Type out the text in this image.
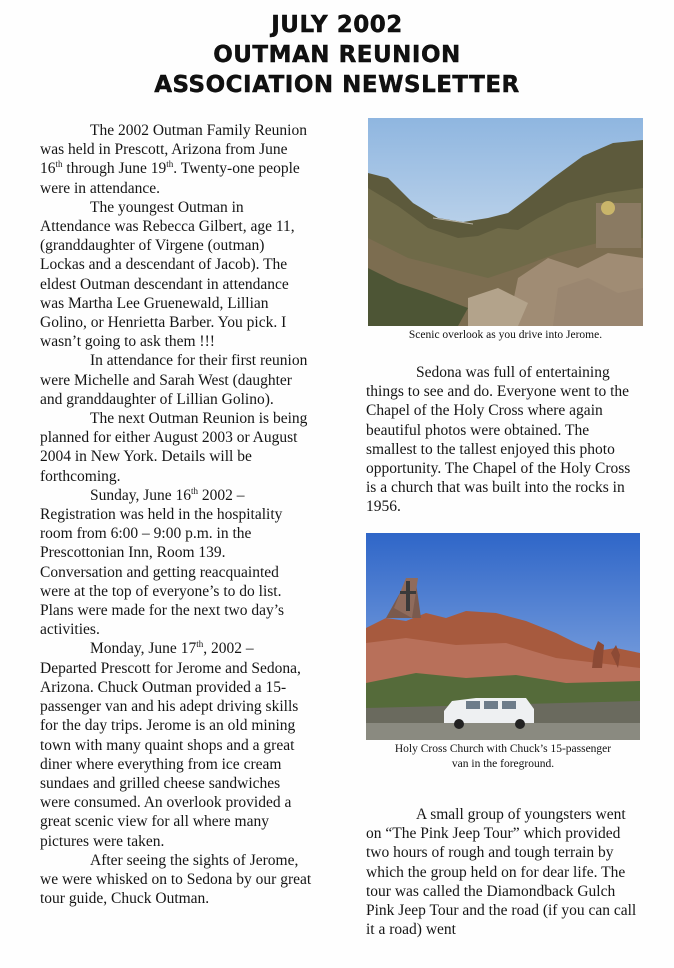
JULY 2002
OUTMAN REUNION
ASSOCIATION NEWSLETTER

The 2002 Outman Family Reunion was held in Prescott, Arizona from June 16th through June 19th. Twenty-one people were in attendance.

The youngest Outman in Attendance was Rebecca Gilbert, age 11, (granddaughter of Virgene (outman) Lockas and a descendant of Jacob). The eldest Outman descendant in attendance was Martha Lee Gruenewald, Lillian Golino, or Henrietta Barber. You pick. I wasn’t going to ask them !!!

In attendance for their first reunion were Michelle and Sarah West (daughter and granddaughter of Lillian Golino).

The next Outman Reunion is being planned for either August 2003 or August 2004 in New York. Details will be forthcoming.

Sunday, June 16th 2002 – Registration was held in the hospitality room from 6:00 – 9:00 p.m. in the Prescottonian Inn, Room 139. Conversation and getting reacquainted were at the top of everyone’s to do list. Plans were made for the next two day’s activities.

Monday, June 17th, 2002 – Departed Prescott for Jerome and Sedona, Arizona. Chuck Outman provided a 15-passenger van and his adept driving skills for the day trips. Jerome is an old mining town with many quaint shops and a great diner where everything from ice cream sundaes and grilled cheese sandwiches were consumed. An overlook provided a great scenic view for all where many pictures were taken.

After seeing the sights of Jerome, we were whisked on to Sedona by our great tour guide, Chuck Outman.

Scenic overlook as you drive into Jerome.

Sedona was full of entertaining things to see and do. Everyone went to the Chapel of the Holy Cross where again beautiful photos were obtained. The smallest to the tallest enjoyed this photo opportunity. The Chapel of the Holy Cross is a church that was built into the rocks in 1956.

Holy Cross Church with Chuck’s 15-passenger
van in the foreground.

A small group of youngsters went on “The Pink Jeep Tour” which provided two hours of rough and tough terrain by which the group held on for dear life. The tour was called the Diamondback Gulch Pink Jeep Tour and the road (if you can call it a road) went
